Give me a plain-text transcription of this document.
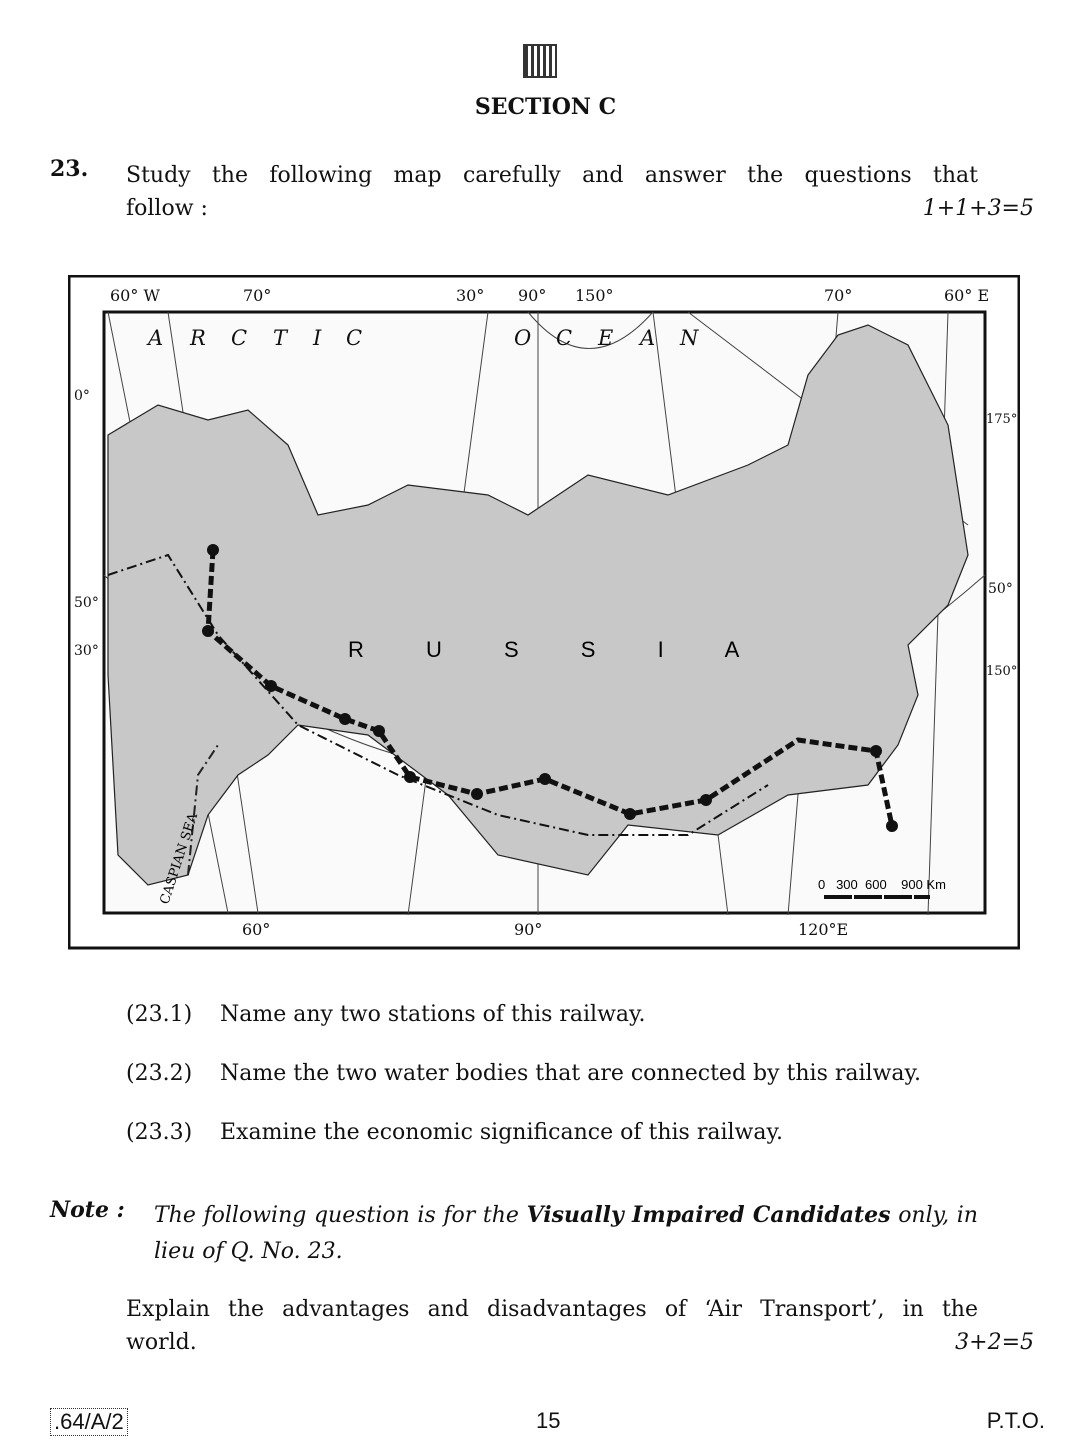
SECTION C
23. Study the following map carefully and answer the questions that
follow :	1+1+3=5
60° W	70°	30° 90° 150°	70°	60° E
0°
50°
30°
175°
50°
150°
60°	90°	120°E
A R C T I C	O C E A N
R U S S I A
CASPIAN SEA	0   300  600    900 Km
(23.1) Name any two stations of this railway.
(23.2) Name the two water bodies that are connected by this railway.
(23.3) Examine the economic significance of this railway.
Note : The following question is for the Visually Impaired Candidates only, in lieu of Q. No. 23.
Explain the advantages and disadvantages of ‘Air Transport’, in the
world.	3+2=5
.64/A/2	15	P.T.O.
